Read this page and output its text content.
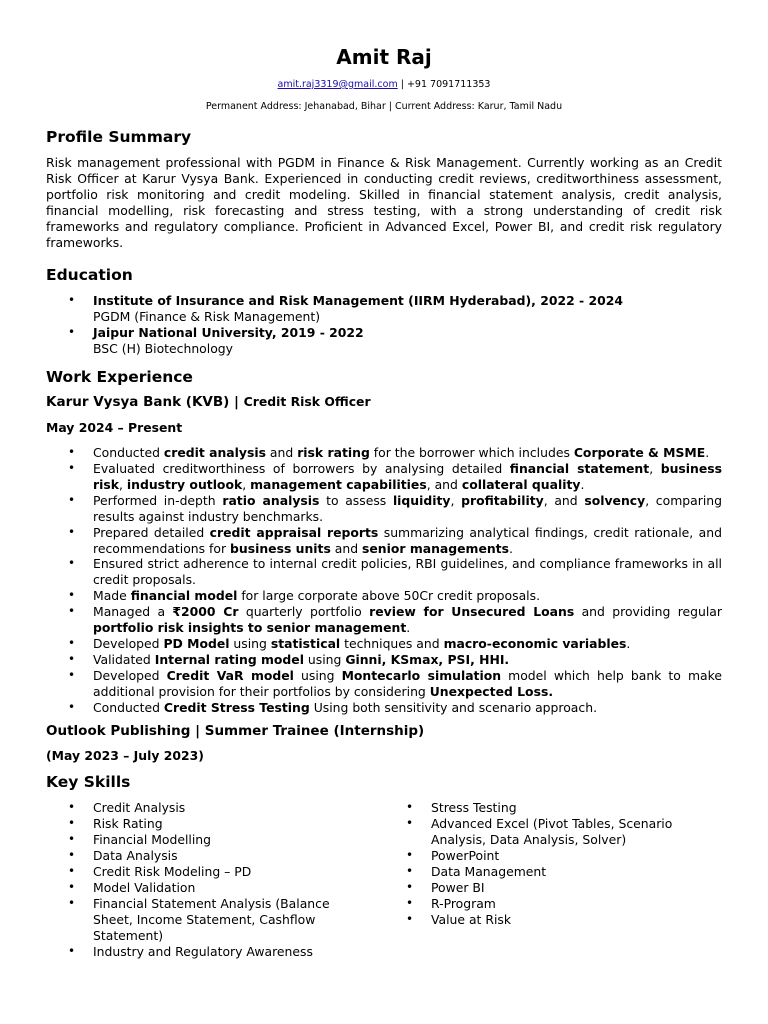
Amit Raj
amit.raj3319@gmail.com | +91 7091711353
Permanent Address: Jehanabad, Bihar | Current Address: Karur, Tamil Nadu
Profile Summary

Risk management professional with PGDM in Finance & Risk Management. Currently working as an Credit Risk Officer at Karur Vysya Bank. Experienced in conducting credit reviews, creditworthiness assessment, portfolio risk monitoring and credit modeling. Skilled in financial statement analysis, credit analysis, financial modelling, risk forecasting and stress testing, with a strong understanding of credit risk frameworks and regulatory compliance. Proficient in Advanced Excel, Power BI, and credit risk regulatory frameworks.

Education
• Institute of Insurance and Risk Management (IIRM Hyderabad), 2022 - 2024
PGDM (Finance & Risk Management)
• Jaipur National University, 2019 - 2022
BSC (H) Biotechnology
Work Experience
Karur Vysya Bank (KVB) | Credit Risk Officer
May 2024 – Present
• Conducted credit analysis and risk rating for the borrower which includes Corporate & MSME.
• Evaluated creditworthiness of borrowers by analysing detailed financial statement, business risk, industry outlook, management capabilities, and collateral quality.
• Performed in-depth ratio analysis to assess liquidity, profitability, and solvency, comparing results against industry benchmarks.
• Prepared detailed credit appraisal reports summarizing analytical findings, credit rationale, and recommendations for business units and senior managements.
• Ensured strict adherence to internal credit policies, RBI guidelines, and compliance frameworks in all credit proposals.
• Made financial model for large corporate above 50Cr credit proposals.
• Managed a ₹2000 Cr quarterly portfolio review for Unsecured Loans and providing regular portfolio risk insights to senior management.
• Developed PD Model using statistical techniques and macro-economic variables.
• Validated Internal rating model using Ginni, KSmax, PSI, HHI.
• Developed Credit VaR model using Montecarlo simulation model which help bank to make additional provision for their portfolios by considering Unexpected Loss.
• Conducted Credit Stress Testing Using both sensitivity and scenario approach.
Outlook Publishing | Summer Trainee (Internship)
(May 2023 – July 2023)
Key Skills
• Credit Analysis
• Risk Rating
• Financial Modelling
• Data Analysis
• Credit Risk Modeling – PD
• Model Validation
• Financial Statement Analysis (Balance Sheet, Income Statement, Cashflow Statement)
• Industry and Regulatory Awareness
• Stress Testing
• Advanced Excel (Pivot Tables, Scenario Analysis, Data Analysis, Solver)
• PowerPoint
• Data Management
• Power BI
• R-Program
• Value at Risk
